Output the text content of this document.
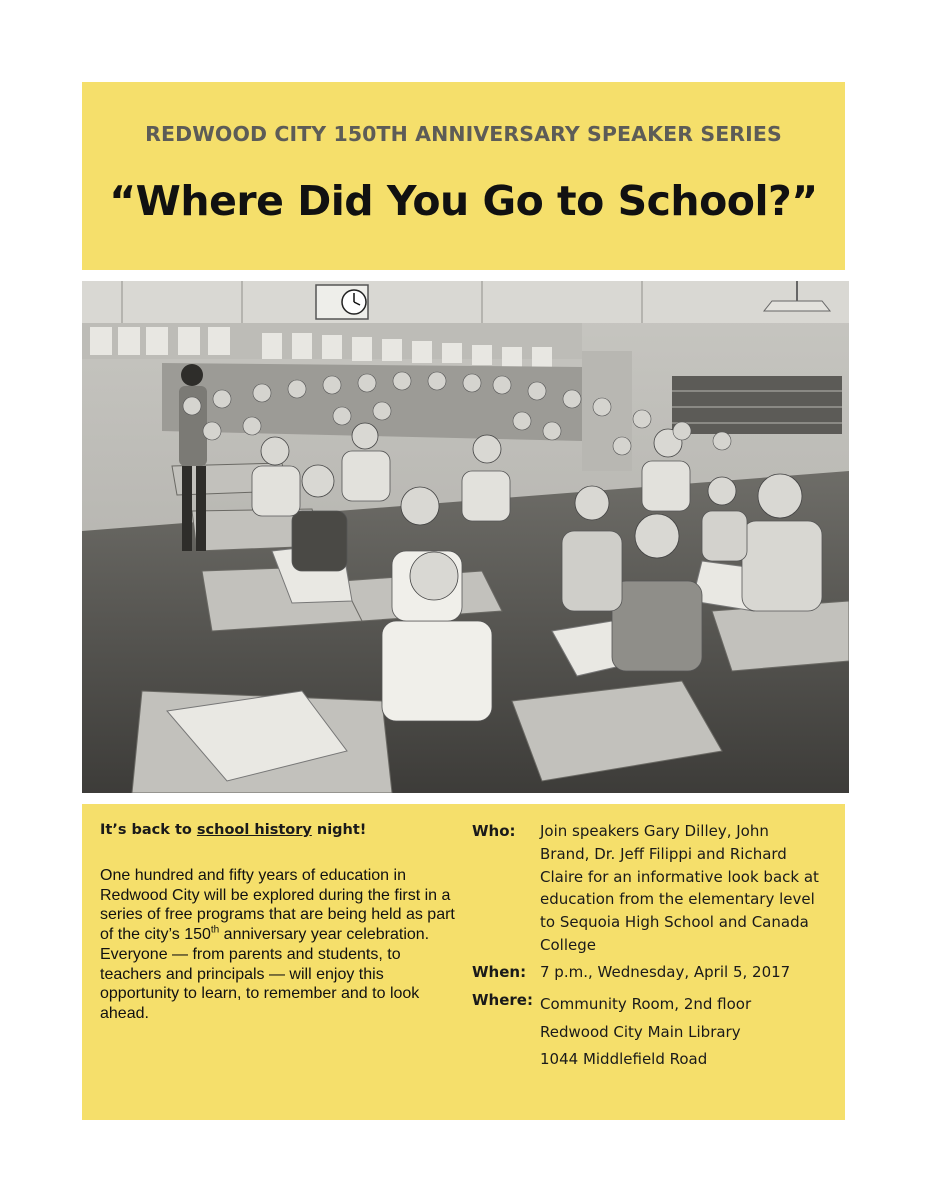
REDWOOD CITY 150TH ANNIVERSARY SPEAKER SERIES
“Where Did You Go to School?”
It’s back to school history night!
One hundred and fifty years of education in Redwood City will be explored during the first in a series of free programs that are being held as part of the city’s 150th anniversary year celebration. Everyone — from parents and students, to teachers and principals — will enjoy this opportunity to learn, to remember and to look ahead.
Who: Join speakers Gary Dilley, John
Brand, Dr. Jeff Filippi and Richard
Claire for an informative look back at
education from the elementary level
to Sequoia High School and Canada
College
When: 7 p.m., Wednesday, April 5, 2017
Where: Community Room, 2nd floor
Redwood City Main Library
1044 Middlefield Road
